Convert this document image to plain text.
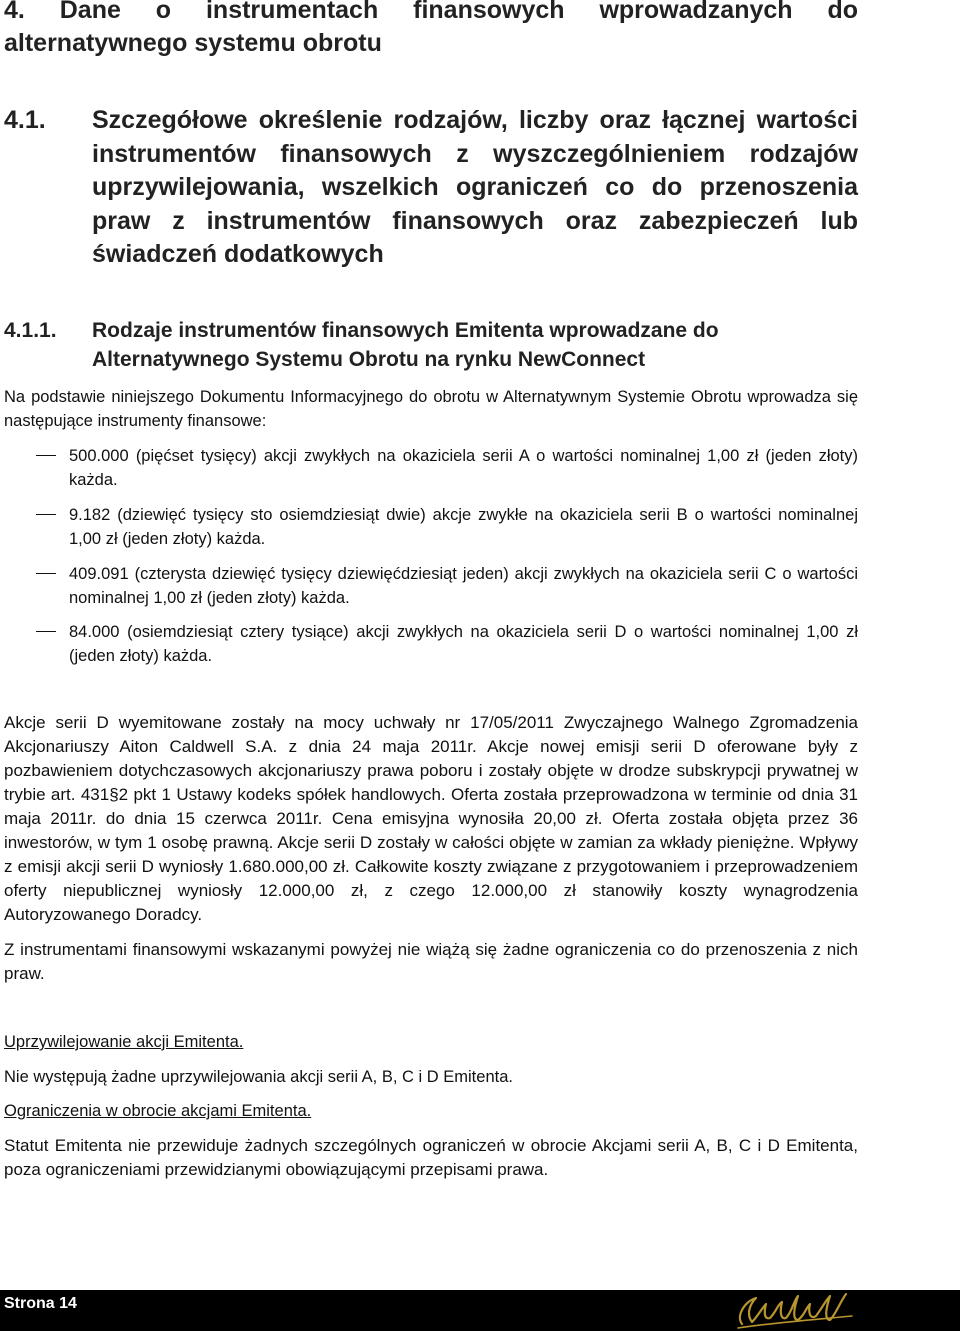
4. Dane o instrumentach finansowych wprowadzanych do alternatywnego systemu obrotu
4.1. Szczegółowe określenie rodzajów, liczby oraz łącznej wartości instrumentów finansowych z wyszczególnieniem rodzajów uprzywilejowania, wszelkich ograniczeń co do przenoszenia praw z instrumentów finansowych oraz zabezpieczeń lub świadczeń dodatkowych
4.1.1. Rodzaje instrumentów finansowych Emitenta wprowadzane do
Alternatywnego Systemu Obrotu na rynku NewConnect

Na podstawie niniejszego Dokumentu Informacyjnego do obrotu w Alternatywnym Systemie Obrotu wprowadza się następujące instrumenty finansowe:

500.000 (pięćset tysięcy) akcji zwykłych na okaziciela serii A o wartości nominalnej 1,00 zł (jeden złoty) każda.
9.182 (dziewięć tysięcy sto osiemdziesiąt dwie) akcje zwykłe na okaziciela serii B o wartości nominalnej 1,00 zł (jeden złoty) każda.
409.091 (czterysta dziewięć tysięcy dziewięćdziesiąt jeden) akcji zwykłych na okaziciela serii C o wartości nominalnej 1,00 zł (jeden złoty) każda.
84.000 (osiemdziesiąt cztery tysiące) akcji zwykłych na okaziciela serii D o wartości nominalnej 1,00 zł (jeden złoty) każda.

Akcje serii D wyemitowane zostały na mocy uchwały nr 17/05/2011 Zwyczajnego Walnego Zgromadzenia Akcjonariuszy Aiton Caldwell S.A. z dnia 24 maja 2011r. Akcje nowej emisji serii D oferowane były z pozbawieniem dotychczasowych akcjonariuszy prawa poboru i zostały objęte w drodze subskrypcji prywatnej w trybie art. 431§2 pkt 1 Ustawy kodeks spółek handlowych. Oferta została przeprowadzona w terminie od dnia 31 maja 2011r. do dnia 15 czerwca 2011r. Cena emisyjna wynosiła 20,00 zł. Oferta została objęta przez 36 inwestorów, w tym 1 osobę prawną. Akcje serii D zostały w całości objęte w zamian za wkłady pieniężne. Wpływy z emisji akcji serii D wyniosły 1.680.000,00 zł. Całkowite koszty związane z przygotowaniem i przeprowadzeniem oferty niepublicznej wyniosły 12.000,00 zł, z czego 12.000,00 zł stanowiły koszty wynagrodzenia Autoryzowanego Doradcy.

Z instrumentami finansowymi wskazanymi powyżej nie wiążą się żadne ograniczenia co do przenoszenia z nich praw.

Uprzywilejowanie akcji Emitenta.

Nie występują żadne uprzywilejowania akcji serii A, B, C i D Emitenta.

Ograniczenia w obrocie akcjami Emitenta.

Statut Emitenta nie przewiduje żadnych szczególnych ograniczeń w obrocie Akcjami serii A, B, C i D Emitenta, poza ograniczeniami przewidzianymi obowiązującymi przepisami prawa.

Strona 14
